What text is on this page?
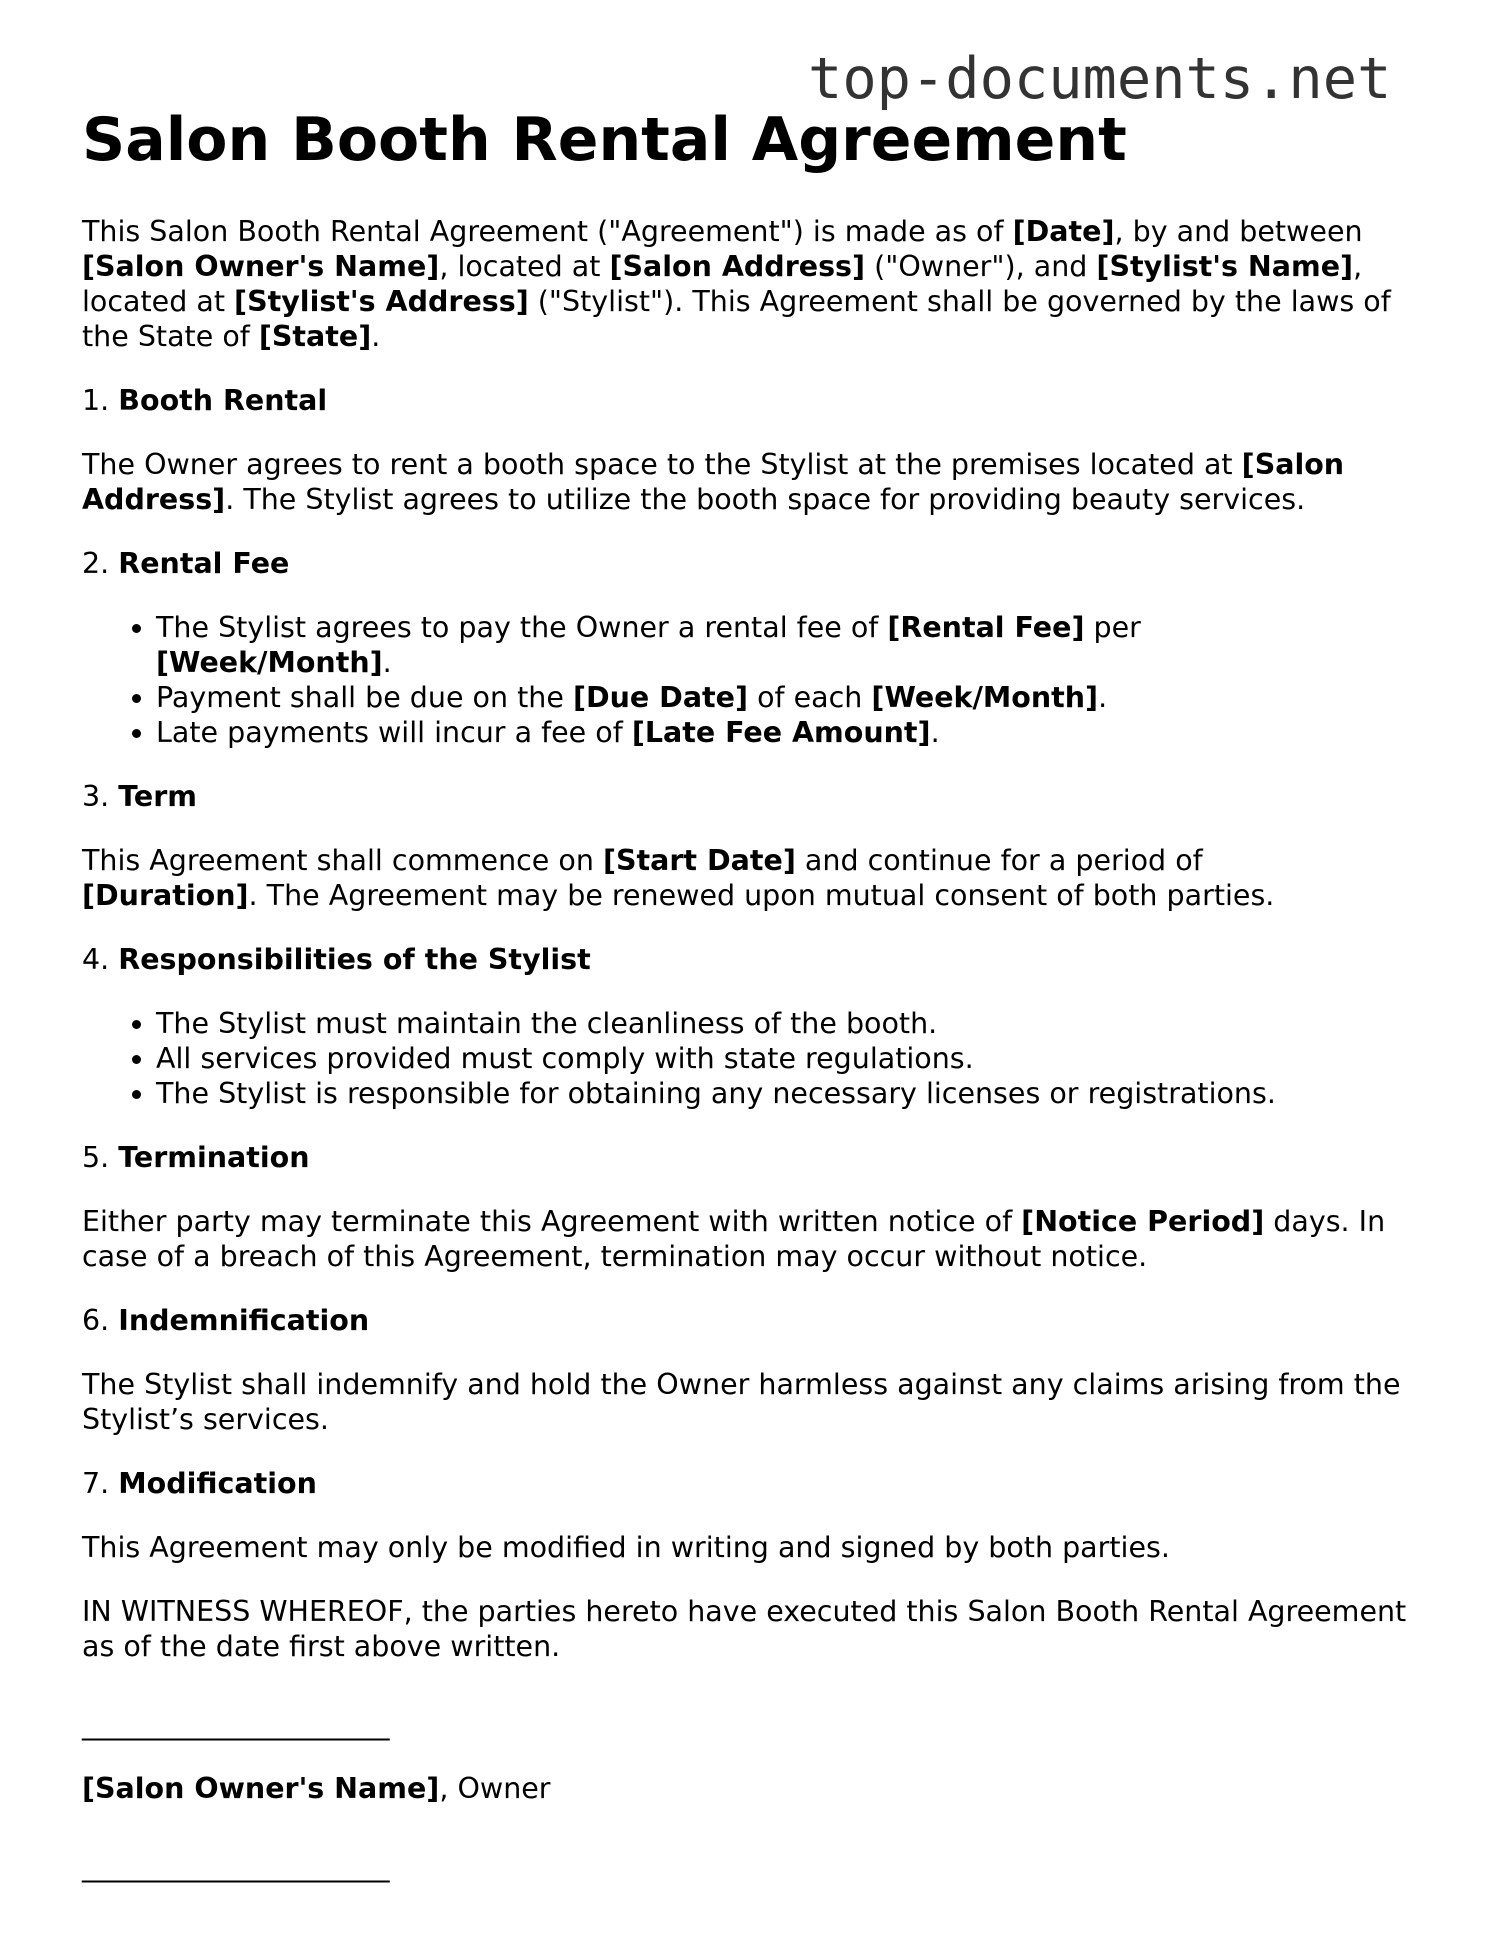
top-documents.net
Salon Booth Rental Agreement

This Salon Booth Rental Agreement ("Agreement") is made as of [Date], by and between [Salon Owner's Name], located at [Salon Address] ("Owner"), and [Stylist's Name], located at [Stylist's Address] ("Stylist"). This Agreement shall be governed by the laws of the State of [State].

1. Booth Rental

The Owner agrees to rent a booth space to the Stylist at the premises located at [Salon Address]. The Stylist agrees to utilize the booth space for providing beauty services.

2. Rental Fee

• The Stylist agrees to pay the Owner a rental fee of [Rental Fee] per
[Week/Month].
• Payment shall be due on the [Due Date] of each [Week/Month].
• Late payments will incur a fee of [Late Fee Amount].

3. Term

This Agreement shall commence on [Start Date] and continue for a period of
[Duration]. The Agreement may be renewed upon mutual consent of both parties.

4. Responsibilities of the Stylist

• The Stylist must maintain the cleanliness of the booth.
• All services provided must comply with state regulations.
• The Stylist is responsible for obtaining any necessary licenses or registrations.

5. Termination

Either party may terminate this Agreement with written notice of [Notice Period] days. In case of a breach of this Agreement, termination may occur without notice.

6. Indemnification

The Stylist shall indemnify and hold the Owner harmless against any claims arising from the Stylist’s services.

7. Modification

This Agreement may only be modified in writing and signed by both parties.

IN WITNESS WHEREOF, the parties hereto have executed this Salon Booth Rental Agreement as of the date first above written.

________________________

[Salon Owner's Name], Owner

________________________
